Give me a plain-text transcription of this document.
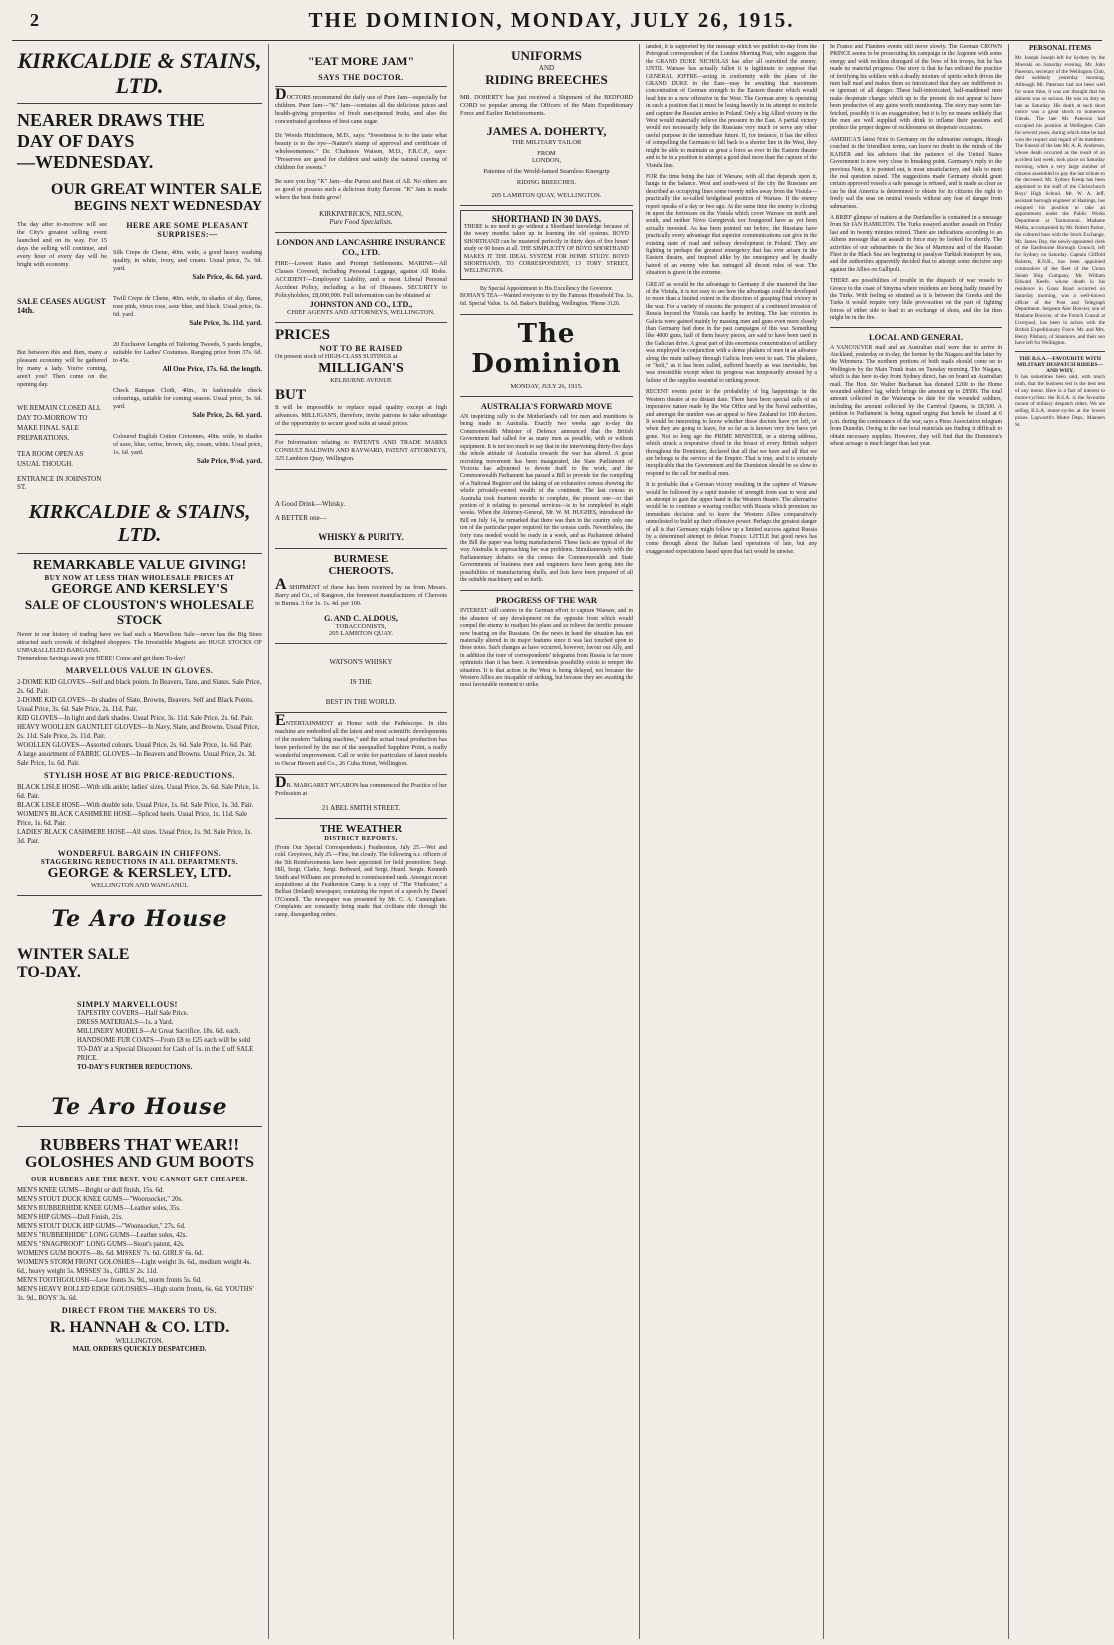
2	THE DOMINION, MONDAY, JULY 26, 1915.
KIRKCALDIE & STAINS, LTD.
NEARER DRAWS THE
DAY OF DAYS
—WEDNESDAY.
OUR GREAT WINTER SALE
BEGINS NEXT WEDNESDAY
The day after to-morrow will see the City's greatest selling event launched and on its way. For 15 days the selling will continue, and every hour of every day will be bright with economy.
SALE CEASES AUGUST 14th.
But between this and then, many a pleasant economy will be gathered by many a lady. You're coming, aren't you? Then come on the opening day.
WE REMAIN CLOSED ALL DAY TO-MORROW TO MAKE FINAL SALE PREPARATIONS.
TEA ROOM OPEN AS USUAL THOUGH.
ENTRANCE IN JOHNSTON ST.
HERE ARE SOME PLEASANT SURPRISES:—
Silk Crepe de Chene, 40in. wide, a good heavy washing quality, in white, ivory, and cream. Usual price, 7s. 6d. yard.
Sale Price, 4s. 6d. yard.
Twill Crepe de Chene, 40in. wide, in shades of sky, flame, rose pink, vieux rose, saxe blue, and black. Usual price, 6s. 6d. yard.
Sale Price, 3s. 11d. yard.
20 Exclusive Lengths of Tailoring Tweeds, 5 yards lengths, suitable for Ladies' Costumes. Ranging price from 37s. 6d. to 45s.
All One Price, 17s. 6d. the length.
Check Ratspan Cloth, 40in., in fashionable check colourings, suitable for coming season. Usual price, 3s. 6d. yard.
Sale Price, 2s. 6d. yard.
Coloured English Cotton Cretonnes, 40in. wide, in shades of saxe, blue, cerise, brown, sky, cream, white. Usual price, 1s. 6d. yard.
Sale Price, 9½d. yard.
KIRKCALDIE & STAINS, LTD.
REMARKABLE VALUE GIVING!
BUY NOW AT LESS THAN WHOLESALE PRICES AT
GEORGE AND KERSLEY'S
SALE OF CLOUSTON'S WHOLESALE STOCK
Never in our history of trading have we had such a Marvellous Sale—never has the Big Store attracted such crowds of delighted shoppers. The Irresistible Magnets are HUGE STOCKS OF UNPARALLELED BARGAINS.
Tremendous Savings await you HERE! Come and get them To-day!
MARVELLOUS VALUE IN GLOVES.
2-DOME KID GLOVES—Self and black points. In Beavers, Tans, and Slates. Sale Price, 2s. 6d. Pair.
2-DOME KID GLOVES—In shades of Slate, Browns, Beavers. Self and Black Points. Usual Price, 3s. 6d. Sale Price, 2s. 11d. Pair.
KID GLOVES—In light and dark shades. Usual Price, 3s. 11d. Sale Price, 2s. 6d. Pair.
HEAVY WOOLLEN GAUNTLET GLOVES—In Navy, Slate, and Browns. Usual Price, 2s. 11d. Sale Price, 2s. 11d. Pair.
WOOLLEN GLOVES—Assorted colours. Usual Price, 2s. 6d. Sale Price, 1s. 6d. Pair.
A large assortment of FABRIC GLOVES—In Beavers and Browns. Usual Price, 2s. 3d. Sale Price, 1s. 6d. Pair.
STYLISH HOSE AT BIG PRICE-REDUCTIONS.
BLACK LISLE HOSE—With silk ankle; ladies' sizes. Usual Price, 2s. 6d. Sale Price, 1s. 6d. Pair.
BLACK LISLE HOSE—With double sole. Usual Price, 1s. 6d. Sale Price, 1s. 3d. Pair.
WOMEN'S BLACK CASHMERE HOSE—Spliced heels. Usual Price, 1s. 11d. Sale Price, 1s. 6d. Pair.
LADIES' BLACK CASHMERE HOSE—All sizes. Usual Price, 1s. 9d. Sale Price, 1s. 3d. Pair.
WONDERFUL BARGAIN IN CHIFFONS.
STAGGERING REDUCTIONS IN ALL DEPARTMENTS.
GEORGE & KERSLEY, LTD.
WELLINGTON AND WANGANUI.
Te Aro House
WINTER SALE
TO-DAY.
SIMPLY MARVELLOUS!
TAPESTRY COVERS—Half Sale Price.
DRESS MATERIALS—1s. a Yard.
MILLINERY MODELS—At Great Sacrifice. 18s. 6d. each.
HANDSOME FUR COATS—From £8 to £25 each will be sold TO-DAY at a Special Discount for Cash of 1s. in the £ off SALE PRICE.
TO-DAY'S FURTHER REDUCTIONS.
Te Aro House
RUBBERS THAT WEAR!!
GOLOSHES AND GUM BOOTS
OUR RUBBERS ARE THE BEST. YOU CANNOT GET CHEAPER.
MEN'S KNEE GUMS—Bright or dull finish, 15s. 6d.
MEN'S STOUT DUCK KNEE GUMS—"Woonsocket," 20s.
MEN'S RUBBERHIDE KNEE GUMS—Leather soles, 35s.
MEN'S HIP GUMS—Dull Finish, 21s.
MEN'S STOUT DUCK HIP GUMS—"Woonsocket," 27s. 6d.
MEN'S "RUBBERHIDE" LONG GUMS—Leather soles, 42s.
MEN'S "SNAGPROOF" LONG GUMS—Stout's patent, 42s.
WOMEN'S GUM BOOTS—8s. 6d. MISSES' 7s. 6d. GIRLS' 6s. 6d.
WOMEN'S STORM FRONT GOLOSHES—Light weight 3s. 6d., medium weight 4s. 6d., heavy weight 5s. MISSES' 3s., GIRLS' 2s. 11d.
MEN'S TOOTHGOLOSH—Low fronts 3s. 9d., storm fronts 5s. 6d.
MEN'S HEAVY ROLLED EDGE GOLOSHES—High storm fronts, 6s. 6d. YOUTHS' 3s. 9d., BOYS' 3s. 6d.
DIRECT FROM THE MAKERS TO US.
R. HANNAH & CO. LTD.
WELLINGTON.
MAIL ORDERS QUICKLY DESPATCHED.
"EAT MORE JAM"
SAYS THE DOCTOR.
DOCTORS recommend the daily use of Pure Jam—especially for children. Pure Jam—"K" Jam—contains all the delicious juices and health-giving properties of fresh sun-ripened fruits, and also the concentrated goodness of best cane sugar.
Dr. Woods Hutchinson, M.D., says: "Sweetness is to the taste what beauty is to the eye—Nature's stamp of approval and certificate of wholesomeness." Dr. Chalmers Watson, M.D., F.R.C.P., says: "Preserves are good for children and satisfy the natural craving of children for sweets."
Be sure you buy "K" Jam—the Purest and Best of All. No others are so good or possess such a delicious fruity flavour. "K" Jam is made where the best fruits grow!
KIRKPATRICK'S, NELSON,
Pure Food Specialists.
LONDON AND LANCASHIRE INSURANCE CO., LTD.
FIRE—Lowest Rates and Prompt Settlements. MARINE—All Classes Covered, including Personal Luggage, against All Risks. ACCIDENT—Employers' Liability, and a most Liberal Personal Accident Policy, including a list of Diseases. SECURITY to Policyholders, £8,000,000. Full information can be obtained at
JOHNSTON AND CO., LTD.,
CHIEF AGENTS AND ATTORNEYS, WELLINGTON.
PRICES
NOT TO BE RAISED
On present stock of HIGH-CLASS SUITINGS at
MILLIGAN'S
KELBURNE AVENUE
BUT
It will be impossible to replace equal quality except at high advances. MILLIGAN'S, therefore, invite patrons to take advantage of the opportunity to secure good suits at usual prices.
For Information relating to PATENTS AND TRADE MARKS CONSULT BALDWIN AND RAYWARD, PATENT ATTORNEYS, 325 Lambton Quay, Wellington.
A Good Drink—Whisky.
A BETTER one—
WHISKY & PURITY.
BURMESE
CHEROOTS.
A SHIPMENT of these has been received by us from Messrs. Barry and Co., of Rangoon, the foremost manufacturers of Cheroots in Burma. 3 for 1s. 1s. 4d. per 100.
G. AND C. ALDOUS,
TOBACCONISTS,
205 LAMBTON QUAY.
WATSON'S WHISKY
IS THE
BEST IN THE WORLD.
ENTERTAINMENT at Home with the Pathéscope. In this machine are embodied all the latest and most scientific developments of the modern "talking machine," and the actual tonal production has been perfected by the use of the unequalled Sapphire Point, a really wonderful improvement. Call or write for particulars of latest models to Oscar Hewett and Co., 26 Cuba Street, Wellington.
DR. MARGARET M'CARON has commenced the Practice of her Profession at
21 ABEL SMITH STREET.
THE WEATHER
DISTRICT REPORTS.
(From Our Special Correspondents.) Featherston, July 25.—Wet and cold. Greytown, July 25.—Fine, but cloudy. The following n.c. officers of the 5th Reinforcements have been appointed for field promotion: Sergt. Hill, Sergt. Clarke, Sergt. Bedward, and Sergt. Heard. Sergts. Kenneth Smith and Williams are promoted to commissioned rank. Amongst recent acquisitions at the Featherston Camp is a copy of "The Vindicator," a Belfast (Ireland) newspaper, containing the report of a speech by Daniel O'Connell. The newspaper was presented by Mr. C. A. Cunningham. Complaints are constantly being made that civilians ride through the camp, disregarding orders.
UNIFORMS
AND
RIDING BREECHES
MR. DOHERTY has just received a Shipment of the BEDFORD CORD so popular among the Officers of the Main Expeditionary Force and Earlier Reinforcements.
JAMES A. DOHERTY,
THE MILITARY TAILOR
FROM
LONDON,
Patentee of the World-famed Seamless Kneegrip
RIDING BREECHES.
205 LAMBTON QUAY, WELLINGTON.
SHORTHAND IN 30 DAYS.
THERE is no need to go without a Shorthand knowledge because of the weary months taken up in learning the old systems. BOYD SHORTHAND can be mastered perfectly in thirty days of five hours' study or 60 hours at all. THE SIMPLICITY OF BOYD SHORTHAND MAKES IT THE IDEAL SYSTEM FOR HOME STUDY. BOYD SHORTHAND, TO CORRESPONDENT, 13 TORY STREET, WELLINGTON.
By Special Appointment to His Excellency the Governor.
BOHAN'S TEA—Wanted everyone to try the Famous Household Tea. 1s. 6d. Special Value. 1s. 6d. Baker's Building, Wellington. 'Phone 3126.
The Dominion
MONDAY, JULY 26, 1915.
AUSTRALIA'S FORWARD MOVE
AN inspiriting rally to the Motherland's call for men and munitions is being made in Australia. Exactly two weeks ago to-day the Commonwealth Minister of Defence announced that the British Government had called for as many men as possible, with or without equipment. It is not too much to say that in the intervening thirty-five days the whole attitude of Australia towards the war has altered. A great recruiting movement has been inaugurated, the State Parliament of Victoria has adjourned to devote itself to the work, and the Commonwealth Parliament has passed a Bill to provide for the compiling of a National Register and the taking of an exhaustive census showing the whole privately-owned wealth of the continent. The last census in Australia took fourteen months to complete, the present one—or that portion of it relating to personal services—is to be completed in eight weeks. When the Attorney-General, Mr. W. M. HUGHES, introduced the Bill on July 14, he remarked that there was then in the country only one ton of the particular paper required for the census cards. Nevertheless, the forty tons needed would be ready in a week, and as Parliament debated the Bill the paper was being manufactured. These facts are typical of the way Australia is approaching her war problems. Simultaneously with the Parliamentary debates on the census the Commonwealth and State Governments of business men and engineers have been going into the possibilities of manufacturing shells, and lists have been prepared of all the suitable machinery and so forth.
PROGRESS OF THE WAR
INTEREST still centres in the German effort to capture Warsaw, and in the absence of any development on the opposite front which would compel the enemy to readjust his plans and so relieve the terrific pressure now bearing on the Russians. On the news in hand the situation has not materially altered in its major features since it was last touched upon in these notes. Such changes as have occurred, however, favour our Ally, and in addition the tone of correspondents' telegrams from Russia is far more optimistic than it has been. A tremendous possibility exists to temper the situation. It is that action in the West is being delayed, not because the Western Allies are incapable of striking, but because they are awaiting the most favourable moment to strike.
landed, it is supported by the message which we publish to-day from the Petrograd correspondent of the London Morning Post, who suggests that the GRAND DUKE NICHOLAS has after all outwitted the enemy. UNTIL Warsaw has actually fallen it is legitimate to suppose that GENERAL JOFFRE—acting in conformity with the plans of the GRAND DUKE in the East—may be awaiting that maximum concentration of German strength in the Eastern theatre which would lead him to a new offensive in the West. The German army is operating in such a position that it must be losing heavily in its attempt to encircle and capture the Russian armies in Poland. Only a big Allied victory in the West would materially relieve the pressure in the East. A partial victory would not necessarily help the Russians very much or serve any other useful purpose in the immediate future. If, for instance, it has the effect of compelling the Germans to fall back to a shorter line in the West, they might be able to maintain as great a force as ever in the Eastern theatre and to be in a position to attempt a good deal more than the capture of the Vistula line.
FOR the time being the fate of Warsaw, with all that depends upon it, hangs in the balance. West and south-west of the city the Russians are described as occupying lines some twenty miles away from the Vistula—practically the so-called bridgehead position of Warsaw. If the enemy report speaks of a day or two ago. At the same time the enemy is closing in upon the fortresses on the Vistula which cover Warsaw on north and south, and neither Novo Georgievsk nor Ivangorod have as yet been actually invested. As has been pointed out before, the Russians have practically every advantage that superior communications can give in the existing state of road and railway development in Poland. They are fighting in perhaps the greatest emergency that has ever arisen in the Eastern theatre, and inspired alike by the emergency and by deadly hatred of an enemy who has outraged all decent rules of war. The situation is grave in the extreme.
GREAT as would be the advantage to Germany if she mastered the line of the Vistula, it is not easy to see how the advantage could be developed to more than a limited extent in the direction of grasping final victory in the war. For a variety of reasons the prospect of a continued invasion of Russia beyond the Vistula can hardly be inviting. The late victories in Galicia were gained mainly by massing men and guns even more closely than Germany had done in the past campaigns of this war. Something like 4000 guns, half of them heavy pieces, are said to have been used in the Galician drive. A great part of this enormous concentration of artillery was employed in conjunction with a dense phalanx of men in an advance along the main railway through Galicia from west to east. The phalanx, or "bolt," as it has been called, suffered heavily as was inevitable, but was irresistible except when its progress was temporarily arrested by a failure of the supplies essential to striking power.
RECENT events point to the probability of big happenings in the Western theatre at no distant date. There have been special calls of an imperative nature made by the War Office and by the Naval authorities, and amongst the number was an appeal to New Zealand for 100 doctors. It would be interesting to know whether those doctors have yet left, or when they are going to leave, for so far as is known very few have yet gone. Not so long ago the PRIME MINISTER, in a stirring address, which struck a responsive chord in the breast of every British subject throughout the Dominion, declared that all that we have and all that we are belongs to the service of the Empire. That is true, and it is certainly inexplicable that the Government and the Dominion should be so slow to respond to the call for medical men.
It is probable that a German victory resulting in the capture of Warsaw would be followed by a rapid transfer of strength from east to west and an attempt to gain the upper hand in the Western theatre. The alternative would be to continue a wearing conflict with Russia which promises no immediate decision and to leave the Western Allies comparatively unmolested to build up their offensive power. Perhaps the greatest danger of all is that Germany might follow up a limited success against Russia by a determined attempt to defeat France. LITTLE but good news has come through about the Italian land operations of late, but any exaggerated expectations based upon that fact would be unwise.
In France and Flanders events still move slowly. The German CROWN PRINCE seems to be prosecuting his campaign in the Argonne with some energy and with reckless disregard of the lives of his troops, but he has made no material progress. One story is that he has enlisted the practice of fortifying his soldiers with a deadly mixture of spirits which drives the men half mad and makes them so intoxicated that they are indifferent to or ignorant of all danger. These half-intoxicated, half-maddened men make desperate charges which up to the present do not appear to have been productive of any gains worth mentioning. The story may seem far-fetched, possibly it is an exaggeration; but it is by no means unlikely that the men are well supplied with drink to inflame their passions and produce the proper degree of recklessness on desperate occasions.
AMERICA'S latest Note to Germany on the submarine outrages, though couched in the friendliest terms, can leave no doubt in the minds of the KAISER and his advisers that the patience of the United States Government is now very close to breaking point. Germany's reply to the previous Note, it is pointed out, is most unsatisfactory, and fails to meet the real question raised. The suggestions made Germany should grant certain approved vessels a safe passage is refused, and is made as clear as can be that America is determined to obtain for its citizens the right to freely sail the seas on neutral vessels without any fear of danger from submarines.
A BRIEF glimpse of matters at the Dardanelles is contained in a message from Sir IAN HAMILTON. The Turks essayed another assault on Friday last and in twenty minutes retired. There are indications according to an Athens message that an assault in force may be looked for shortly. The activities of our submarines in the Sea of Marmora and of the Russian Fleet in the Black Sea are beginning to paralyse Turkish transport by sea, and the authorities apparently decided that to attempt some decisive step against the Allies on Gallipoli.
THERE are possibilities of trouble in the dispatch of war vessels to Greece to the coast of Smyrna where residents are being badly treated by the Turks. With feeling so strained as it is between the Greeks and the Turks it would require very little provocation on the part of fighting forces of either side to lead to an exchange of shots, and the fat then might be in the fire.
LOCAL AND GENERAL
A VANCOUVER mail and an Australian mail were due to arrive in Auckland, yesterday or to-day, the former by the Niagara and the latter by the Wimmera. The northern portions of both mails should come on to Wellington by the Main Trunk train on Tuesday morning. The Niagara, which is due here to-day from Sydney direct, has on board an Australian mail. The Hon. Sir Walter Buchanan has donated £200 to the Home wounded soldiers' fag, which brings the amount up to £8500. The total amount collected in the Wairarapa to date for the wounded soldiers, including the amount collected by the Carnival Queens, is £8,500. A petition to Parliament is being signed urging that hotels be closed at 6 p.m. during the continuance of the war, says a Press Association telegram from Dunedin. Owing to the war local materials are finding it difficult to obtain necessary supplies. However, they will find that the Dominion's wheat acreage is much larger than last year.
PERSONAL ITEMS
Mr. Joseph Joseph left for Sydney by the Moeraki on Saturday evening. Mr. John Paterson, secretary of the Wellington Club, died suddenly yesterday morning. Although Mr. Paterson had not been well for some time, it was not thought that his ailment was so serious. He was on duty as late as Saturday. His death at such short notice was a great shock to numerous friends. The late Mr. Paterson had occupied his position at Wellington Club for several years, during which time he had won the respect and regard of its members. The funeral of the late Mr. A. R. Anderson, whose death occurred as the result of an accident last week, took place on Saturday morning, when a very large number of citizens assembled to pay the last tribute to the deceased. Mr. Sydney Kemp has been appointed to the staff of the Christchurch Boys' High School. Mr. W. A. Jeff, assistant borough engineer at Hastings, has resigned his position to take an appointment under the Public Works Department at Taumarunui. Madame Melba, accompanied by Mr. Robert Parker, the cultured bass with the Stock Exchange. Mr. James Day, the newly-appointed clerk of the Eastbourne Borough Council, left for Sydney on Saturday. Captain Clifford Roberts, R.N.R., has been appointed commodore of the fleet of the Union Steam Ship Company. Mr. William Edward Keefe, whose death in his residence in Grass Road occurred on Saturday morning, was a well-known officer of the Post and Telegraph Department. Sergeant Alec Bouvier, son of Madame Bouvier, of the French Consul at Liverpool, has been in action with the British Expeditionary Force. Mr. and Mrs. Henry Pilsbury, of Stanmore, and their son have left for Wellington.
THE B.S.A.—FAVOURITE WITH MILITARY DESPATCH RIDERS—AND WHY.
It has sometimes been said, with much truth, that the business test is the best test of any motor. Here is a fact of interest to motor-cyclists: the B.S.A. is the favourite mount of military despatch riders. We are selling B.S.A. motor-cycles at the lowest prices. Lapworth's Motor Dept., Manners St.
